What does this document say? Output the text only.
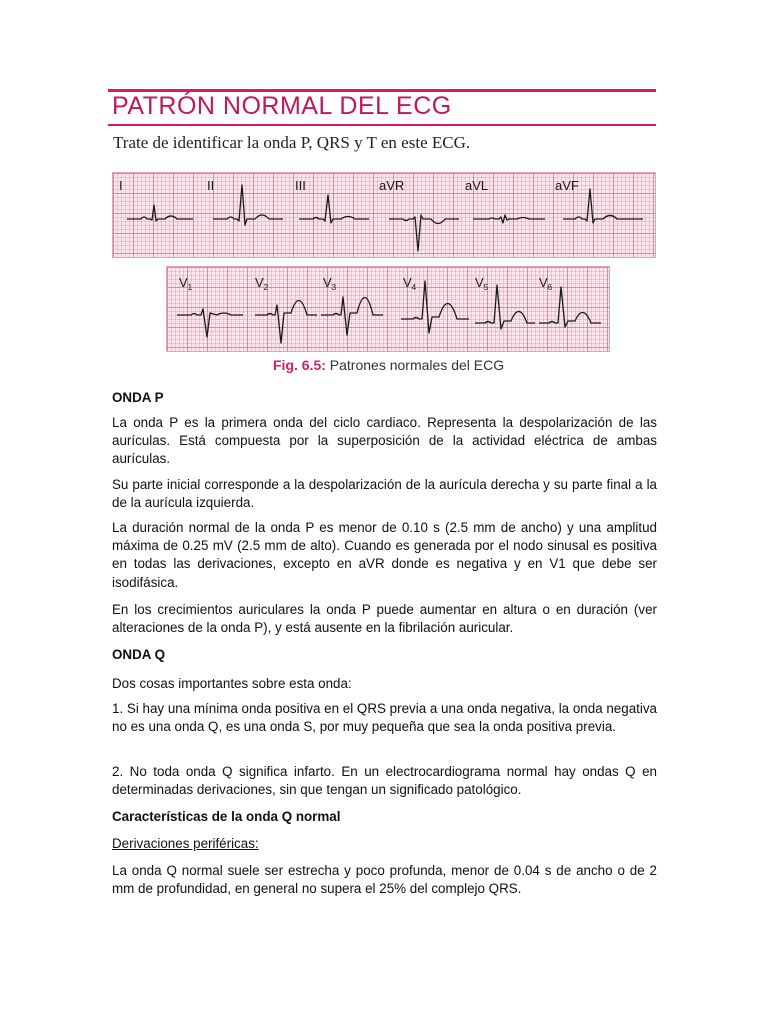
PATRÓN NORMAL DEL ECG
Trate de identificar la onda P, QRS y T en este ECG.
I	II	III	aVR	aVL	aVF
$V_1$	$V_2$	$V_3$	$V_4$	$V_5$	$V_6$
Fig. 6.5: Patrones normales del ECG

ONDA P

La onda P es la primera onda del ciclo cardiaco. Representa la despolarización de las aurículas. Está compuesta por la superposición de la actividad eléctrica de ambas aurículas.

Su parte inicial corresponde a la despolarización de la aurícula derecha y su parte final a la de la aurícula izquierda.

La duración normal de la onda P es menor de 0.10 s (2.5 mm de ancho) y una amplitud máxima de 0.25 mV (2.5 mm de alto). Cuando es generada por el nodo sinusal es positiva en todas las derivaciones, excepto en aVR donde es negativa y en V1 que debe ser isodifásica.

En los crecimientos auriculares la onda P puede aumentar en altura o en duración (ver alteraciones de la onda P), y está ausente en la fibrilación auricular.

ONDA Q

Dos cosas importantes sobre esta onda:

1. Si hay una mínima onda positiva en el QRS previa a una onda negativa, la onda negativa no es una onda Q, es una onda S, por muy pequeña que sea la onda positiva previa.

2. No toda onda Q significa infarto. En un electrocardiograma normal hay ondas Q en determinadas derivaciones, sin que tengan un significado patológico.

Características de la onda Q normal

Derivaciones periféricas:

La onda Q normal suele ser estrecha y poco profunda, menor de 0.04 s de ancho o de 2 mm de profundidad, en general no supera el 25% del complejo QRS.
